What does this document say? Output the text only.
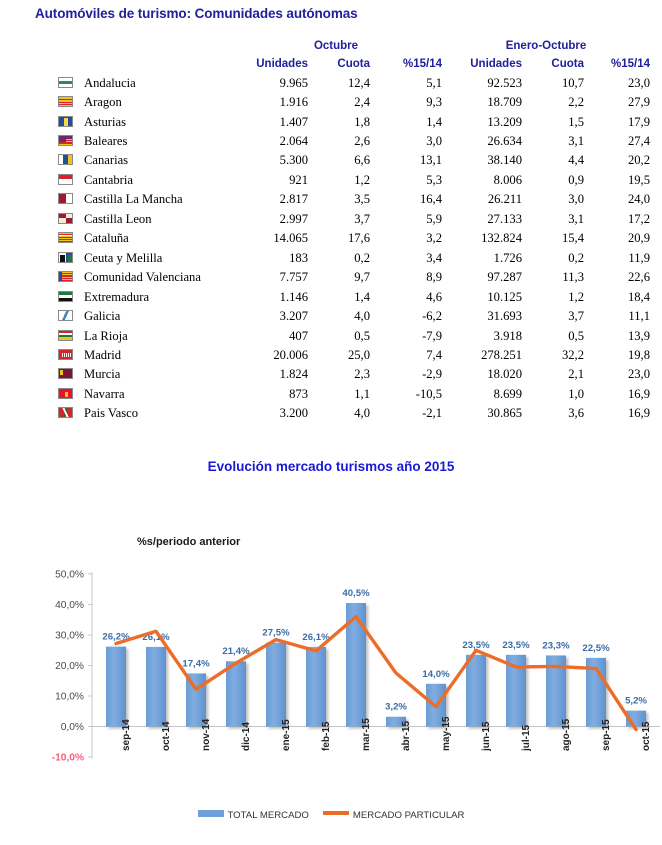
Automóviles de turismo: Comunidades autónomas
		Octubre			Enero-Octubre		
		Unidades	Cuota	%15/14	Unidades	Cuota	%15/14

	Andalucia	9.965	12,4	5,1	92.523	10,7	23,0

	Aragon	1.916	2,4	9,3	18.709	2,2	27,9

	Asturias	1.407	1,8	1,4	13.209	1,5	17,9

	Baleares	2.064	2,6	3,0	26.634	3,1	27,4

	Canarias	5.300	6,6	13,1	38.140	4,4	20,2

	Cantabria	921	1,2	5,3	8.006	0,9	19,5

	Castilla La Mancha	2.817	3,5	16,4	26.211	3,0	24,0

	Castilla Leon	2.997	3,7	5,9	27.133	3,1	17,2

	Cataluña	14.065	17,6	3,2	132.824	15,4	20,9

	Ceuta y Melilla	183	0,2	3,4	1.726	0,2	11,9

	Comunidad Valenciana	7.757	9,7	8,9	97.287	11,3	22,6

	Extremadura	1.146	1,4	4,6	10.125	1,2	18,4

	Galicia	3.207	4,0	-6,2	31.693	3,7	11,1

	La Rioja	407	0,5	-7,9	3.918	0,5	13,9

	Madrid	20.006	25,0	7,4	278.251	32,2	19,8

	Murcia	1.824	2,3	-2,9	18.020	2,1	23,0

	Navarra	873	1,1	-10,5	8.699	1,0	16,9

	Pais Vasco	3.200	4,0	-2,1	30.865	3,6	16,9
Evolución mercado turismos año 2015
%s/periodo anterior
-10,0%
0,0%
10,0%
20,0%
30,0%
40,0%
50,0%
26,2% 26,1%
17,4%
21,4%
27,5% 26,1%
40,5%
3,2%
14,0%
23,5% 23,5% 23,3% 22,5%
5,2%
sep-14	oct-14	nov-14	dic-14	ene-15	feb-15	mar-15	abr-15	may-15	jun-15	jul-15	ago-15	sep-15	oct-15
TOTAL MERCADO	MERCADO PARTICULAR
